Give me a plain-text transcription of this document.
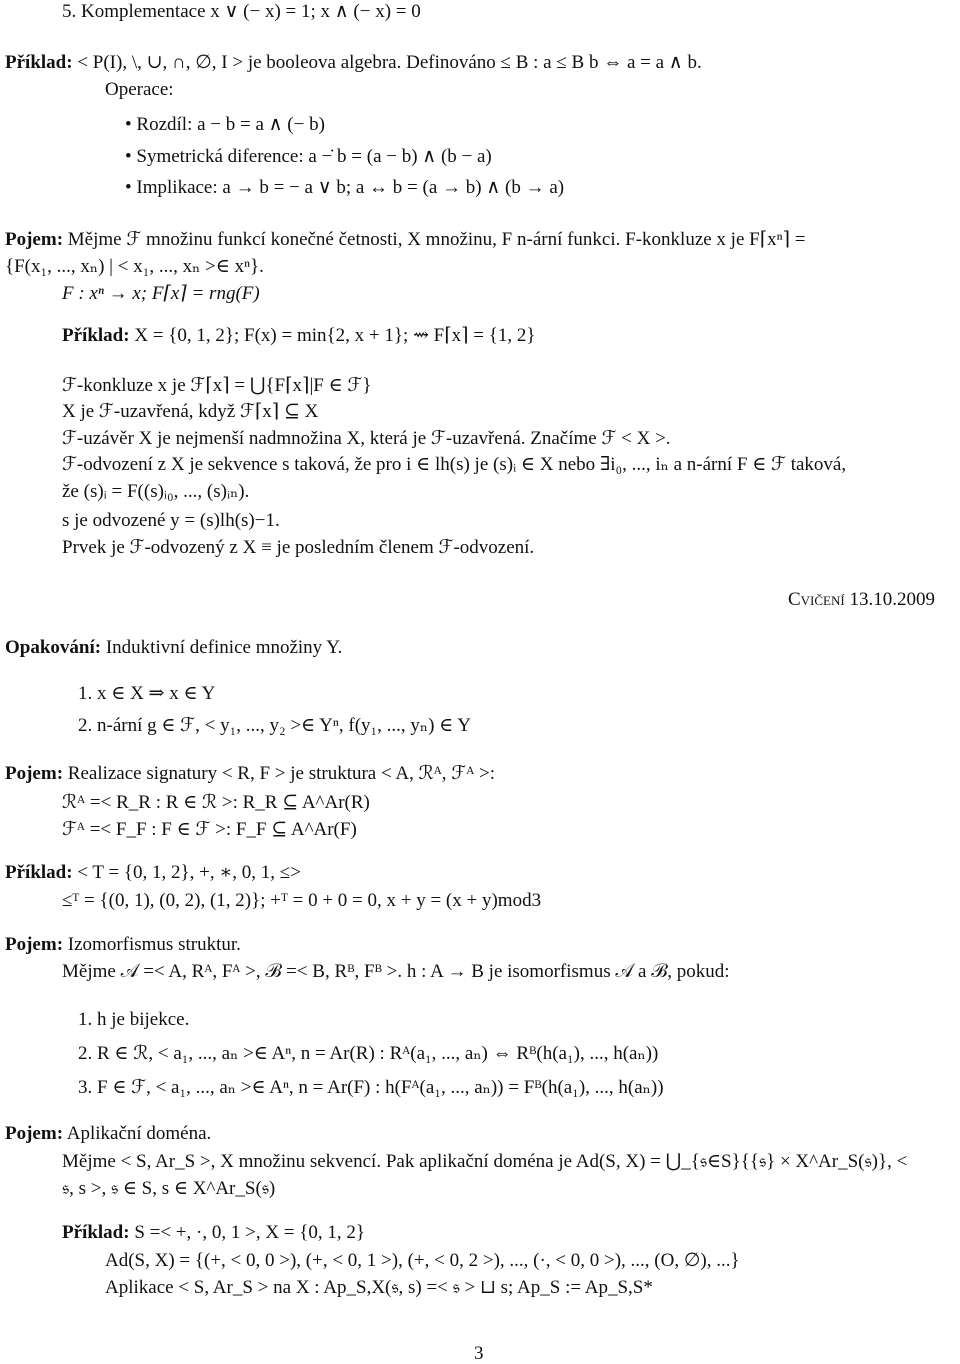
5. Komplementace x ∨ (− x) = 1; x ∧ (− x) = 0
Příklad: < P(I), \, ∪, ∩, ∅, I > je booleova algebra. Definováno ≤ B : a ≤ B b ⇔ a = a ∧ b.
Operace:
• Rozdíl: a − b = a ∧ (− b)
• Symetrická diference: a −̇ b = (a − b) ∧ (b − a)
• Implikace: a → b = − a ∨ b; a ↔ b = (a → b) ∧ (b → a)
Pojem: Mějme ℱ množinu funkcí konečné četnosti, X množinu, F n-ární funkci. F-konkluze x je F⌈xⁿ⌉ =
{F(x₁, ..., xₙ) | < x₁, ..., xₙ >∈ xⁿ}.
F : xⁿ → x; F⌈x⌉ = rng(F)
Příklad: X = {0, 1, 2}; F(x) = min{2, x + 1}; ⇝ F⌈x⌉ = {1, 2}
ℱ-konkluze x je ℱ⌈x⌉ = ⋃{F⌈x⌉|F ∈ ℱ}
X je ℱ-uzavřená, když ℱ⌈x⌉ ⊆ X
ℱ-uzávěr X je nejmenší nadmnožina X, která je ℱ-uzavřená. Značíme ℱ < X >.
ℱ-odvození z X je sekvence s taková, že pro i ∈ lh(s) je (s)ᵢ ∈ X nebo ∃i₀, ..., iₙ a n-ární F ∈ ℱ taková,
že (s)ᵢ = F((s)ᵢ₀, ..., (s)ᵢₙ).
s je odvozené y = (s)lh(s)−1.
Prvek je ℱ-odvozený z X ≡ je posledním členem ℱ-odvození.
Cvičení 13.10.2009
Opakování: Induktivní definice množiny Y.
1. x ∈ X ⇒ x ∈ Y
2. n-ární g ∈ ℱ, < y₁, ..., y₂ >∈ Yⁿ, f(y₁, ..., yₙ) ∈ Y
Pojem: Realizace signatury < R, F > je struktura < A, ℛᴬ, ℱᴬ >:
ℛᴬ =< R_R : R ∈ ℛ >: R_R ⊆ A^Ar(R)
ℱᴬ =< F_F : F ∈ ℱ >: F_F ⊆ A^Ar(F)
Příklad: < T = {0, 1, 2}, +, ∗, 0, 1, ≤>
≤ᵀ = {(0, 1), (0, 2), (1, 2)}; +ᵀ = 0 + 0 = 0, x + y = (x + y)mod3
Pojem: Izomorfismus struktur.
Mějme 𝒜 =< A, Rᴬ, Fᴬ >, ℬ =< B, Rᴮ, Fᴮ >. h : A → B je isomorfismus 𝒜 a ℬ, pokud:
1. h je bijekce.
2. R ∈ ℛ, < a₁, ..., aₙ >∈ Aⁿ, n = Ar(R) : Rᴬ(a₁, ..., aₙ) ⇔ Rᴮ(h(a₁), ..., h(aₙ))
3. F ∈ ℱ, < a₁, ..., aₙ >∈ Aⁿ, n = Ar(F) : h(Fᴬ(a₁, ..., aₙ)) = Fᴮ(h(a₁), ..., h(aₙ))
Pojem: Aplikační doména.
Mějme < S, Ar_S >, X množinu sekvencí. Pak aplikační doména je Ad(S, X) = ⋃_{𝔰∈S}{{𝔰} × X^Ar_S(𝔰)}, <
𝔰, s >, 𝔰 ∈ S, s ∈ X^Ar_S(𝔰)
Příklad: S =< +, ·, 0, 1 >, X = {0, 1, 2}
Ad(S, X) = {(+, < 0, 0 >), (+, < 0, 1 >), (+, < 0, 2 >), ..., (·, < 0, 0 >), ..., (O, ∅), ...}
Aplikace < S, Ar_S > na X : Ap_S,X(𝔰, s) =< 𝔰 > ⊔ s; Ap_S := Ap_S,S*
3
